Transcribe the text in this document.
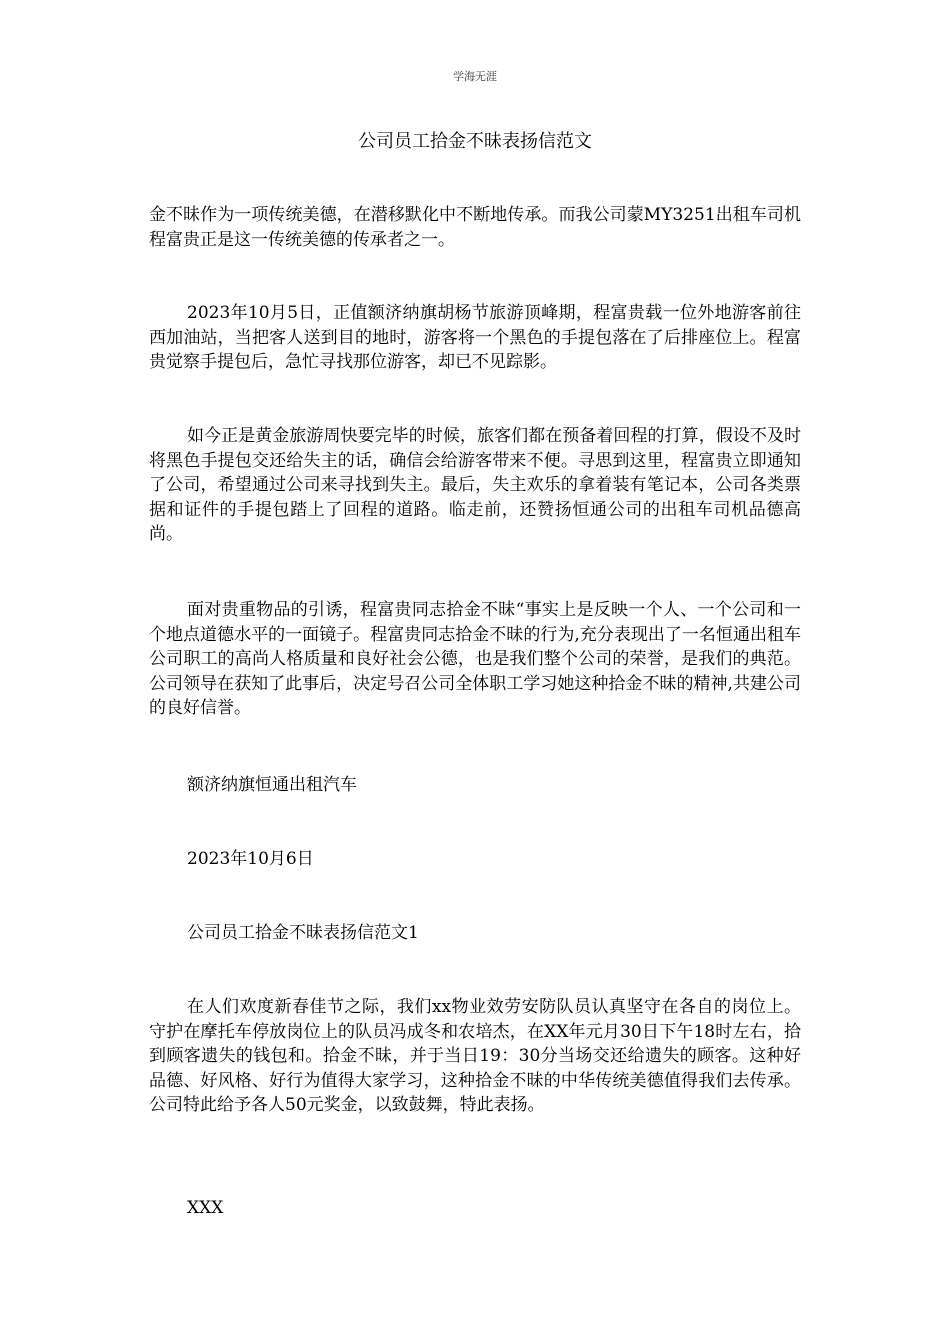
学海无涯
公司员工拾金不昧表扬信范文

金不昧作为一项传统美德，在潜移默化中不断地传承。而我公司蒙MY3251出租车司机程富贵正是这一传统美德的传承者之一。

2023年10月5日，正值额济纳旗胡杨节旅游顶峰期，程富贵载一位外地游客前往西加油站，当把客人送到目的地时，游客将一个黑色的手提包落在了后排座位上。程富贵觉察手提包后，急忙寻找那位游客，却已不见踪影。

如今正是黄金旅游周快要完毕的时候，旅客们都在预备着回程的打算，假设不及时将黑色手提包交还给失主的话，确信会给游客带来不便。寻思到这里，程富贵立即通知了公司，希望通过公司来寻找到失主。最后，失主欢乐的拿着装有笔记本，公司各类票据和证件的手提包踏上了回程的道路。临走前，还赞扬恒通公司的出租车司机品德高尚。

面对贵重物品的引诱，程富贵同志拾金不昧“事实上是反映一个人、一个公司和一个地点道德水平的一面镜子。程富贵同志拾金不昧的行为,充分表现出了一名恒通出租车公司职工的高尚人格质量和良好社会公德，也是我们整个公司的荣誉，是我们的典范。公司领导在获知了此事后，决定号召公司全体职工学习她这种拾金不昧的精神,共建公司的良好信誉。

额济纳旗恒通出租汽车
2023年10月6日
公司员工拾金不昧表扬信范文1

在人们欢度新春佳节之际，我们xx物业效劳安防队员认真坚守在各自的岗位上。守护在摩托车停放岗位上的队员冯成冬和农培杰，在XX年元月30日下午18时左右，拾到顾客遗失的钱包和。拾金不昧，并于当日19：30分当场交还给遗失的顾客。这种好品德、好风格、好行为值得大家学习，这种拾金不昧的中华传统美德值得我们去传承。公司特此给予各人50元奖金，以致鼓舞，特此表扬。

XXX
